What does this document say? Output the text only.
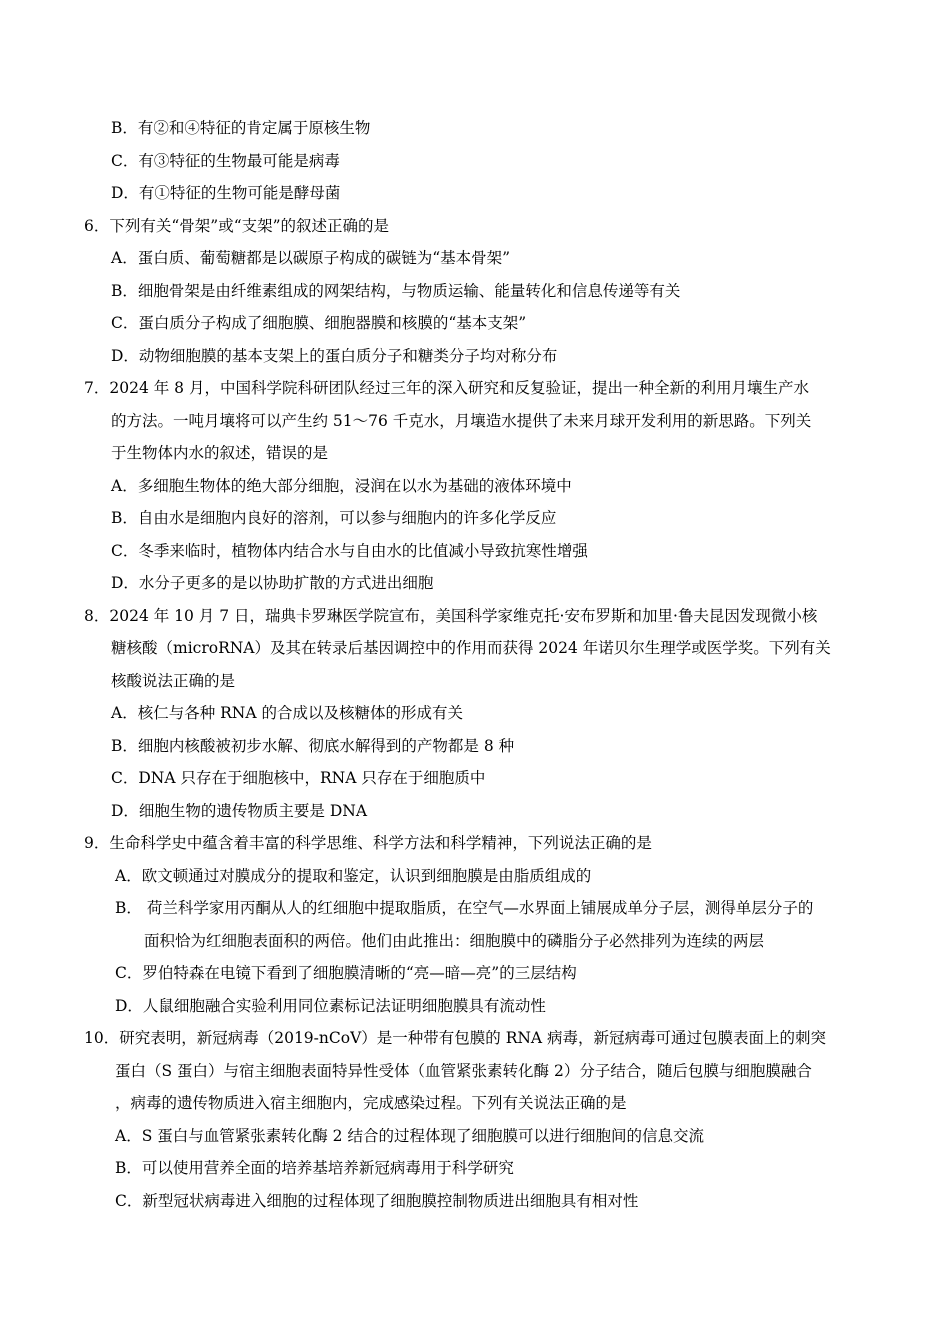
B．有②和④特征的肯定属于原核生物
C．有③特征的生物最可能是病毒
D．有①特征的生物可能是酵母菌
6．下列有关“骨架”或“支架”的叙述正确的是
A．蛋白质、葡萄糖都是以碳原子构成的碳链为“基本骨架”
B．细胞骨架是由纤维素组成的网架结构，与物质运输、能量转化和信息传递等有关
C．蛋白质分子构成了细胞膜、细胞器膜和核膜的“基本支架”
D．动物细胞膜的基本支架上的蛋白质分子和糖类分子均对称分布
7．2024 年 8 月，中国科学院科研团队经过三年的深入研究和反复验证，提出一种全新的利用月壤生产水
的方法。一吨月壤将可以产生约 51～76 千克水，月壤造水提供了未来月球开发利用的新思路。下列关
于生物体内水的叙述，错误的是
A．多细胞生物体的绝大部分细胞，浸润在以水为基础的液体环境中
B．自由水是细胞内良好的溶剂，可以参与细胞内的许多化学反应
C．冬季来临时，植物体内结合水与自由水的比值减小导致抗寒性增强
D．水分子更多的是以协助扩散的方式进出细胞
8．2024 年 10 月 7 日，瑞典卡罗琳医学院宣布，美国科学家维克托·安布罗斯和加里·鲁夫昆因发现微小核
糖核酸（microRNA）及其在转录后基因调控中的作用而获得 2024 年诺贝尔生理学或医学奖。下列有关
核酸说法正确的是
A．核仁与各种 RNA 的合成以及核糖体的形成有关
B．细胞内核酸被初步水解、彻底水解得到的产物都是 8 种
C．DNA 只存在于细胞核中，RNA 只存在于细胞质中
D．细胞生物的遗传物质主要是 DNA
9．生命科学史中蕴含着丰富的科学思维、科学方法和科学精神，下列说法正确的是
A．欧文顿通过对膜成分的提取和鉴定，认识到细胞膜是由脂质组成的
B． 荷兰科学家用丙酮从人的红细胞中提取脂质，在空气—水界面上铺展成单分子层，测得单层分子的
面积恰为红细胞表面积的两倍。他们由此推出：细胞膜中的磷脂分子必然排列为连续的两层
C．罗伯特森在电镜下看到了细胞膜清晰的“亮—暗—亮”的三层结构
D．人鼠细胞融合实验利用同位素标记法证明细胞膜具有流动性
10．研究表明，新冠病毒（2019-nCoV）是一种带有包膜的 RNA 病毒，新冠病毒可通过包膜表面上的刺突
蛋白（S 蛋白）与宿主细胞表面特异性受体（血管紧张素转化酶 2）分子结合，随后包膜与细胞膜融合
，病毒的遗传物质进入宿主细胞内，完成感染过程。下列有关说法正确的是
A．S 蛋白与血管紧张素转化酶 2 结合的过程体现了细胞膜可以进行细胞间的信息交流
B．可以使用营养全面的培养基培养新冠病毒用于科学研究
C．新型冠状病毒进入细胞的过程体现了细胞膜控制物质进出细胞具有相对性
